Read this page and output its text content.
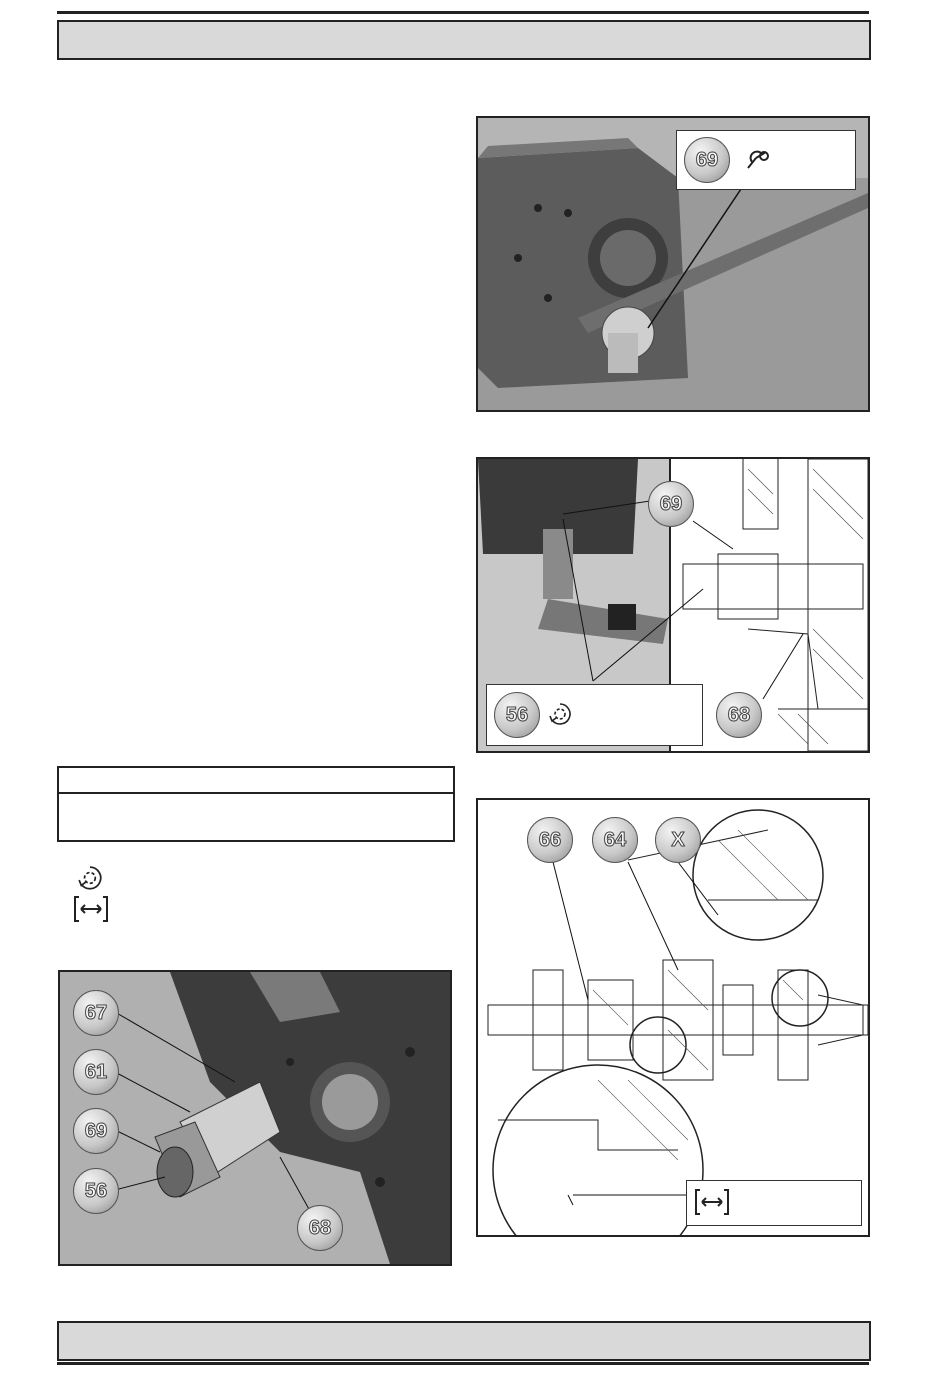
69
69
56	68
66	64	X
67
61
69
56
68
